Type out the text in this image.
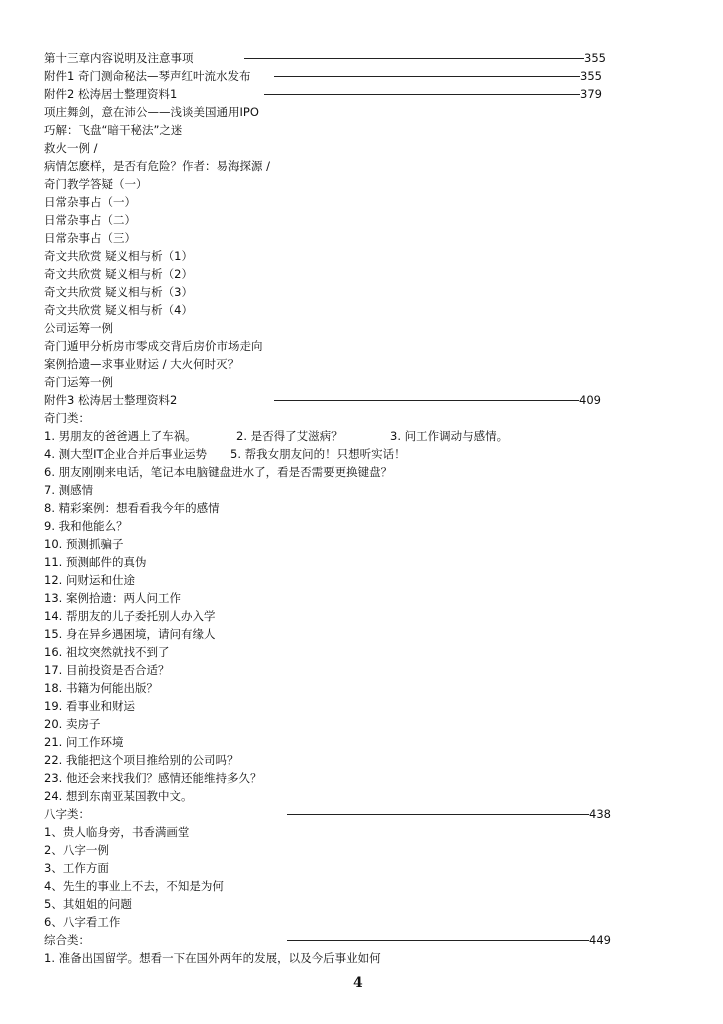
第十三章内容说明及注意事项	355
附件1 奇门测命秘法—琴声红叶流水发布	355
附件2 松涛居士整理资料1	379
项庄舞剑，意在沛公——浅谈美国通用IPO
巧解：飞盘“暗干秘法”之迷
救火一例 /
病情怎麽样，是否有危险？作者：易海探源 /
奇门教学答疑（一）
日常杂事占（一）
日常杂事占（二）
日常杂事占（三）
奇文共欣赏 疑义相与析（1）
奇文共欣赏 疑义相与析（2）
奇文共欣赏 疑义相与析（3）
奇文共欣赏 疑义相与析（4）
公司运筹一例
奇门遁甲分析房市零成交背后房价市场走向
案例拾遗—求事业财运 / 大火何时灭？
奇门运筹一例
附件3 松涛居士整理资料2	409
奇门类：
1. 男朋友的爸爸遇上了车祸。	2. 是否得了艾滋病？	3. 问工作调动与感情。
4. 测大型IT企业合并后事业运势 5. 帮我女朋友问的！只想听实话！
6. 朋友刚刚来电话，笔记本电脑键盘进水了，看是否需要更换键盘？
7. 测感情
8. 精彩案例：想看看我今年的感情
9. 我和他能么？
10. 预测抓骗子
11. 预测邮件的真伪
12. 问财运和仕途
13. 案例拾遗：两人问工作
14. 帮朋友的儿子委托别人办入学
15. 身在异乡遇困境，请问有缘人
16. 祖坟突然就找不到了
17. 目前投资是否合适？
18. 书籍为何能出版？
19. 看事业和财运
20. 卖房子
21. 问工作环境
22. 我能把这个项目推给别的公司吗？
23. 他还会来找我们？感情还能维持多久？
24. 想到东南亚某国教中文。
八字类：	438
1、贵人临身旁，书香满画堂
2、八字一例
3、工作方面
4、先生的事业上不去，不知是为何
5、其姐姐的问题
6、八字看工作
综合类：	449
1. 准备出国留学。想看一下在国外两年的发展，以及今后事业如何
4
